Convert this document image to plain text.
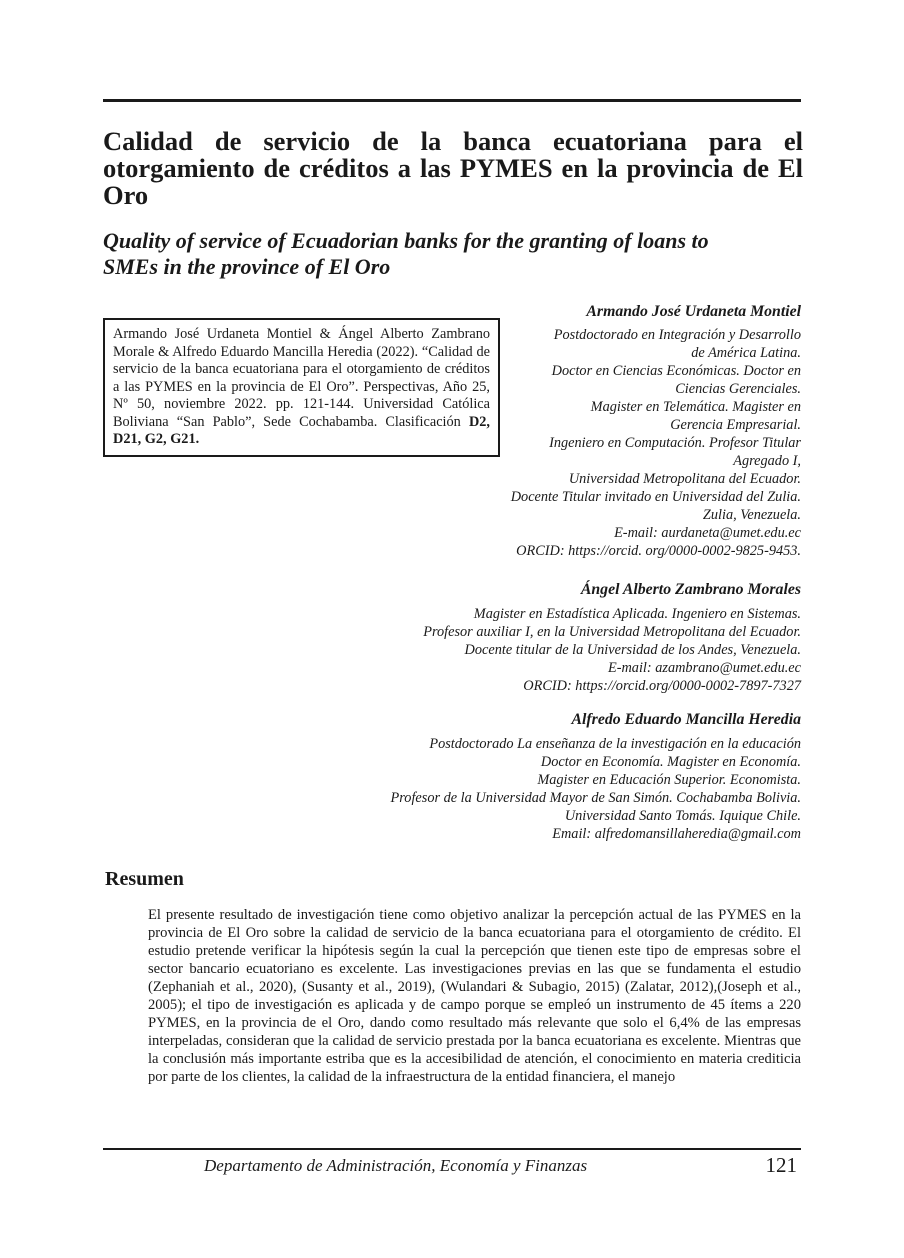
Calidad de servicio de la banca ecuatoriana para el otorgamiento de créditos a las PYMES en la provincia de El Oro
Quality of service of Ecuadorian banks for the granting of loans to
SMEs in the province of El Oro
Armando José Urdaneta Montiel & Ángel Alberto Zambrano Morale & Alfredo Eduardo Mancilla Heredia (2022). “Calidad de servicio de la banca ecuatoriana para el otorgamiento de créditos a las PYMES en la provincia de El Oro”. Perspectivas, Año 25, Nº 50, noviembre 2022. pp. 121-144. Universidad Católica Boliviana “San Pablo”, Sede Cochabamba. Clasificación D2, D21, G2, G21.
Armando José Urdaneta Montiel
Postdoctorado en Integración y Desarrollo
de América Latina.
Doctor en Ciencias Económicas. Doctor en
Ciencias Gerenciales.
Magister en Telemática. Magister en
Gerencia Empresarial.
Ingeniero en Computación. Profesor Titular
Agregado I,
Universidad Metropolitana del Ecuador.
Docente Titular invitado en Universidad del Zulia.
Zulia, Venezuela.
E-mail: aurdaneta@umet.edu.ec
ORCID: https://orcid. org/0000-0002-9825-9453.
Ángel Alberto Zambrano Morales
Magister en Estadística Aplicada. Ingeniero en Sistemas.
Profesor auxiliar I, en la Universidad Metropolitana del Ecuador.
Docente titular de la Universidad de los Andes, Venezuela.
E-mail: azambrano@umet.edu.ec
ORCID: https://orcid.org/0000-0002-7897-7327
Alfredo Eduardo Mancilla Heredia
Postdoctorado La enseñanza de la investigación en la educación
Doctor en Economía. Magister en Economía.
Magister en Educación Superior. Economista.
Profesor de la Universidad Mayor de San Simón. Cochabamba Bolivia.
Universidad Santo Tomás. Iquique Chile.
Email: alfredomansillaheredia@gmail.com
Resumen

El presente resultado de investigación tiene como objetivo analizar la percepción actual de las PYMES en la provincia de El Oro sobre la calidad de servicio de la banca ecuatoriana para el otorgamiento de crédito. El estudio pretende verificar la hipótesis según la cual la percepción que tienen este tipo de empresas sobre el sector bancario ecuatoriano es excelente. Las investigaciones previas en las que se fundamenta el estudio (Zephaniah et al., 2020), (Susanty et al., 2019), (Wulandari & Subagio, 2015) (Zalatar, 2012),(Joseph et al., 2005); el tipo de investigación es aplicada y de campo porque se empleó un instrumento de 45 ítems a 220 PYMES, en la provincia de el Oro, dando como resultado más relevante que solo el 6,4% de las empresas interpeladas, consideran que la calidad de servicio prestada por la banca ecuatoriana es excelente. Mientras que la conclusión más importante estriba que es la accesibilidad de atención, el conocimiento en materia crediticia por parte de los clientes, la calidad de la infraestructura de la entidad financiera, el manejo

Departamento de Administración, Economía y Finanzas	121
